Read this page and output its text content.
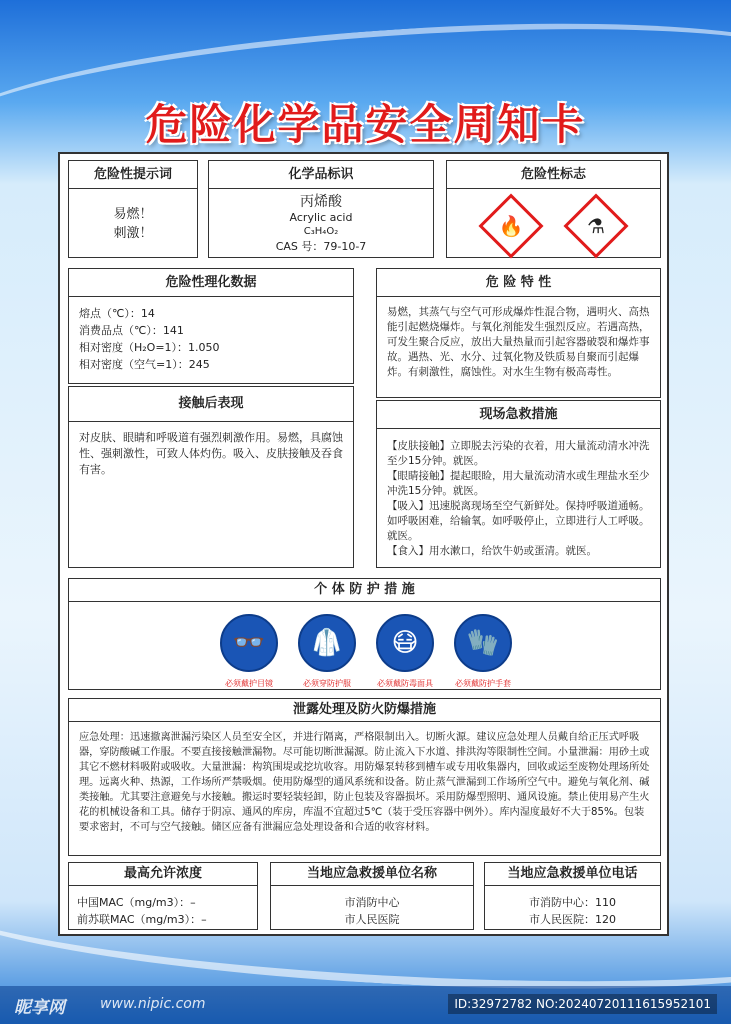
危险化学品安全周知卡
危险性提示词
易燃！
刺激！
化学品标识
丙烯酸
Acrylic acid
C₃H₄O₂
CAS 号：79-10-7
危险性标志
🔥
	⚗
危险性理化数据
熔点（℃）：14
消费品点（℃）：141
相对密度（H₂O=1）：1.050
相对密度（空气=1）：245
危 险 特 性
易燃，其蒸气与空气可形成爆炸性混合物，遇明火、高热能引起燃烧爆炸。与氧化剂能发生强烈反应。若遇高热，可发生聚合反应，放出大量热量而引起容器破裂和爆炸事故。遇热、光、水分、过氧化物及铁质易自聚而引起爆炸。有刺激性，腐蚀性。对水生生物有极高毒性。
接触后表现
对皮肤、眼睛和呼吸道有强烈刺激作用。易燃，具腐蚀性、强刺激性，可致人体灼伤。吸入、皮肤接触及吞食有害。
现场急救措施
【皮肤接触】立即脱去污染的衣着，用大量流动清水冲洗至少15分钟。就医。
【眼睛接触】提起眼睑，用大量流动清水或生理盐水至少冲洗15分钟。就医。
【吸入】迅速脱离现场至空气新鲜处。保持呼吸道通畅。如呼吸困难，给输氧。如呼吸停止，立即进行人工呼吸。就医。
【食入】用水漱口，给饮牛奶或蛋清。就医。
个 体 防 护 措 施
👓
必须戴护目镜
🥼
必须穿防护服
😷
必须戴防毒面具
🧤
必须戴防护手套
泄露处理及防火防爆措施
应急处理：迅速撤离泄漏污染区人员至安全区，并进行隔离，严格限制出入。切断火源。建议应急处理人员戴自给正压式呼吸器，穿防酸碱工作服。不要直接接触泄漏物。尽可能切断泄漏源。防止流入下水道、排洪沟等限制性空间。小量泄漏：用砂土或其它不燃材料吸附或吸收。大量泄漏：构筑围堤或挖坑收容。用防爆泵转移到槽车或专用收集器内，回收或运至废物处理场所处理。远离火种、热源，工作场所严禁吸烟。使用防爆型的通风系统和设备。防止蒸气泄漏到工作场所空气中。避免与氧化剂、碱类接触。尤其要注意避免与水接触。搬运时要轻装轻卸，防止包装及容器损坏。采用防爆型照明、通风设施。禁止使用易产生火花的机械设备和工具。储存于阴凉、通风的库房，库温不宜超过5℃（装于受压容器中例外）。库内湿度最好不大于85%。包装要求密封，不可与空气接触。储区应备有泄漏应急处理设备和合适的收容材料。
最高允许浓度
中国MAC（mg/m3）：–
前苏联MAC（mg/m3）：–
当地应急救援单位名称
市消防中心
市人民医院
当地应急救援单位电话
市消防中心：110
市人民医院：120
昵享网	www.nipic.com	ID:32972782 NO:20240720111615952101
